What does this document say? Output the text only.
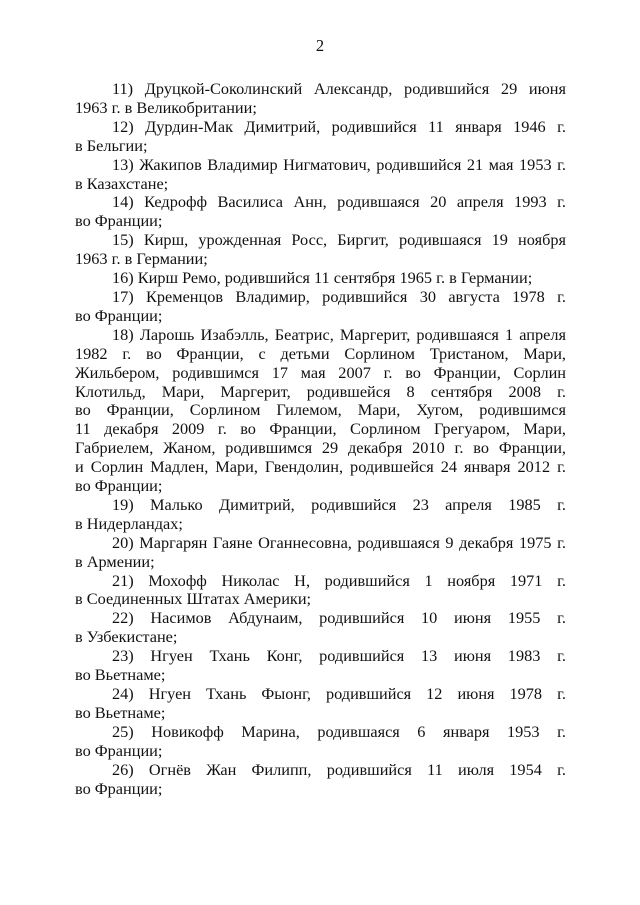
2

11) Друцкой-Соколинский Александр, родившийся 29 июня
1963 г. в Великобритании;

12) Дурдин-Мак Димитрий, родившийся 11 января 1946 г.
в Бельгии;

13) Жакипов Владимир Нигматович, родившийся 21 мая 1953 г.
в Казахстане;

14) Кедрофф Василиса Анн, родившаяся 20 апреля 1993 г.
во Франции;

15) Кирш, урожденная Росс, Биргит, родившаяся 19 ноября
1963 г. в Германии;

16) Кирш Ремо, родившийся 11 сентября 1965 г. в Германии;

17) Кременцов Владимир, родившийся 30 августа 1978 г.
во Франции;

18) Ларошь Изабэлль, Беатрис, Маргерит, родившаяся 1 апреля
1982 г. во Франции, с детьми Сорлином Тристаном, Мари,
Жильбером, родившимся 17 мая 2007 г. во Франции, Сорлин
Клотильд, Мари, Маргерит, родившейся 8 сентября 2008 г.
во Франции, Сорлином Гилемом, Мари, Хугом, родившимся
11 декабря 2009 г. во Франции, Сорлином Грегуаром, Мари,
Габриелем, Жаном, родившимся 29 декабря 2010 г. во Франции,
и Сорлин Мадлен, Мари, Гвендолин, родившейся 24 января 2012 г.
во Франции;

19) Малько Димитрий, родившийся 23 апреля 1985 г.
в Нидерландах;

20) Маргарян Гаяне Оганнесовна, родившаяся 9 декабря 1975 г.
в Армении;

21) Мохофф Николас Н, родившийся 1 ноября 1971 г.
в Соединенных Штатах Америки;

22) Насимов Абдунаим, родившийся 10 июня 1955 г.
в Узбекистане;

23) Нгуен Тхань Конг, родившийся 13 июня 1983 г.
во Вьетнаме;

24) Нгуен Тхань Фыонг, родившийся 12 июня 1978 г.
во Вьетнаме;

25) Новикофф Марина, родившаяся 6 января 1953 г.
во Франции;

26) Огнёв Жан Филипп, родившийся 11 июля 1954 г.
во Франции;
